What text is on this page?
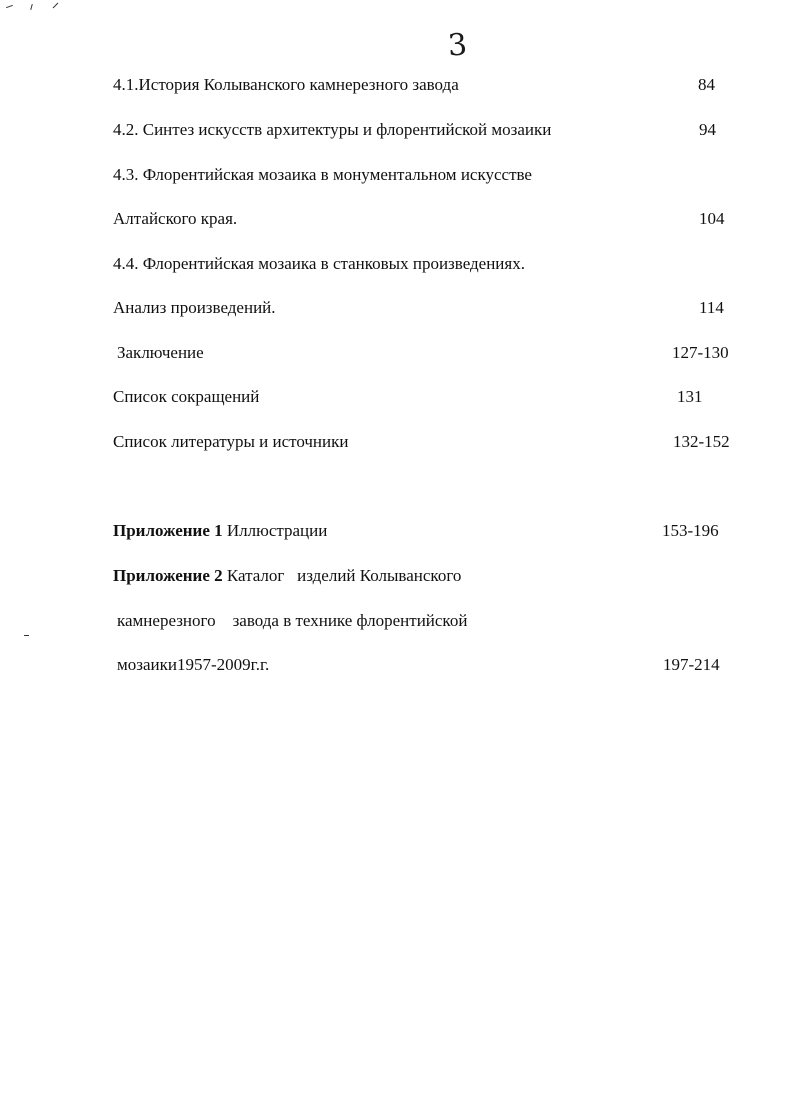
3
4.1.История Колыванского камнерезного завода	84
4.2. Синтез искусств архитектуры и флорентийской мозаики	94
4.3. Флорентийская мозаика в монументальном искусстве
Алтайского края.	104
4.4. Флорентийская мозаика в станковых произведениях.
Анализ произведений.	114
Заключение	127-130
Список сокращений	131
Список литературы и источники	132-152
Приложение 1 Иллюстрации	153-196
Приложение 2 Каталог   изделий Колыванского
камнерезного    завода в технике флорентийской
мозаики1957-2009г.г.	197-214
